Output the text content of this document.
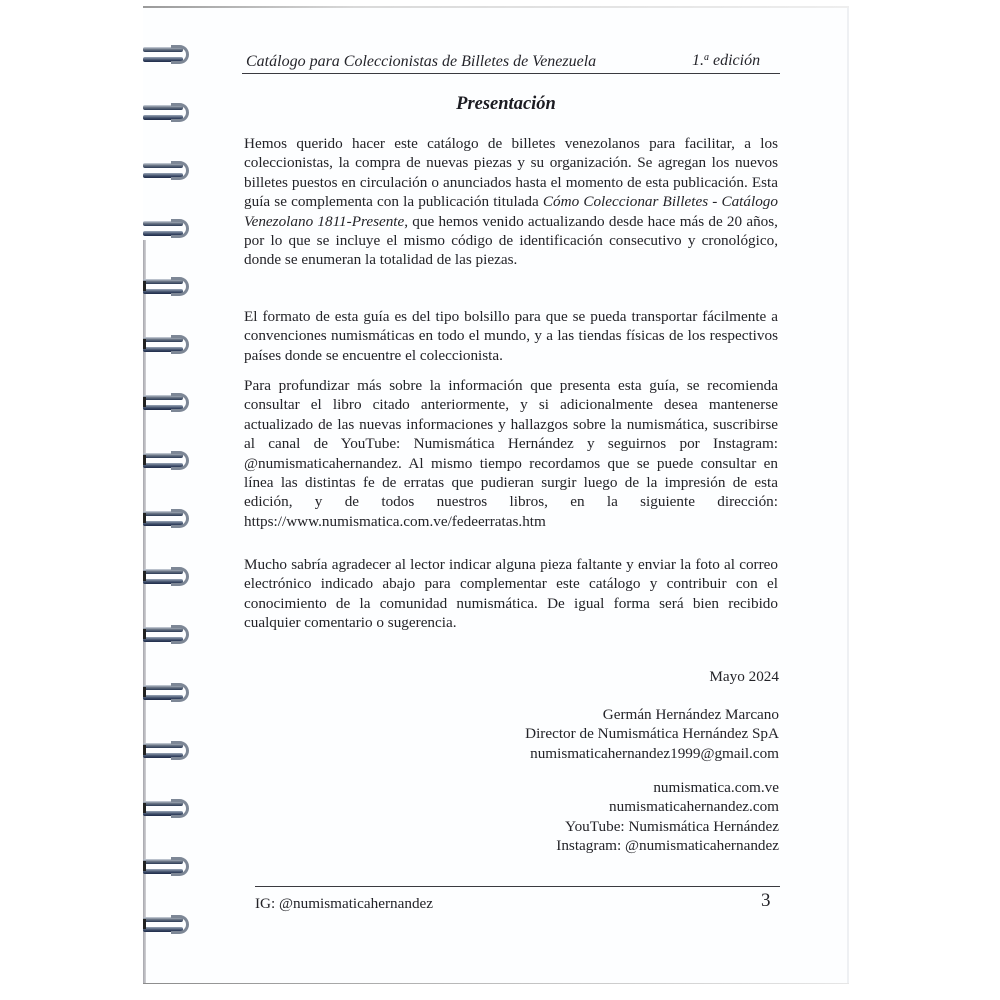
Catálogo para Coleccionistas de Billetes de Venezuela	1.$^a$ edición
Presentación
Hemos querido hacer este catálogo de billetes venezolanos para facilitar, a los coleccionistas, la compra de nuevas piezas y su organización. Se agregan los nuevos billetes puestos en circulación o anunciados hasta el momento de esta publicación. Esta guía se complementa con la publicación titulada Cómo Coleccionar Billetes - Catálogo Venezolano 1811-Presente, que hemos venido actualizando desde hace más de 20 años, por lo que se incluye el mismo código de identificación consecutivo y cronológico, donde se enumeran la totalidad de las piezas.
El formato de esta guía es del tipo bolsillo para que se pueda transportar fácilmente a convenciones numismáticas en todo el mundo, y a las tiendas físicas de los respectivos países donde se encuentre el coleccionista.
Para profundizar más sobre la información que presenta esta guía, se recomienda consultar el libro citado anteriormente, y si adicionalmente desea mantenerse actualizado de las nuevas informaciones y hallazgos sobre la numismática, suscribirse al canal de YouTube: Numismática Hernández y seguirnos por Instagram: @numismaticahernandez. Al mismo tiempo recordamos que se puede consultar en línea las distintas fe de erratas que pudieran surgir luego de la impresión de esta edición, y de todos nuestros libros, en la siguiente dirección: https://www.numismatica.com.ve/fedeerratas.htm
Mucho sabría agradecer al lector indicar alguna pieza faltante y enviar la foto al correo electrónico indicado abajo para complementar este catálogo y contribuir con el conocimiento de la comunidad numismática. De igual forma será bien recibido cualquier comentario o sugerencia.
Mayo 2024
Germán Hernández Marcano
Director de Numismática Hernández SpA
numismaticahernandez1999@gmail.com
numismatica.com.ve
numismaticahernandez.com
YouTube: Numismática Hernández
Instagram: @numismaticahernandez
IG: @numismaticahernandez	3
